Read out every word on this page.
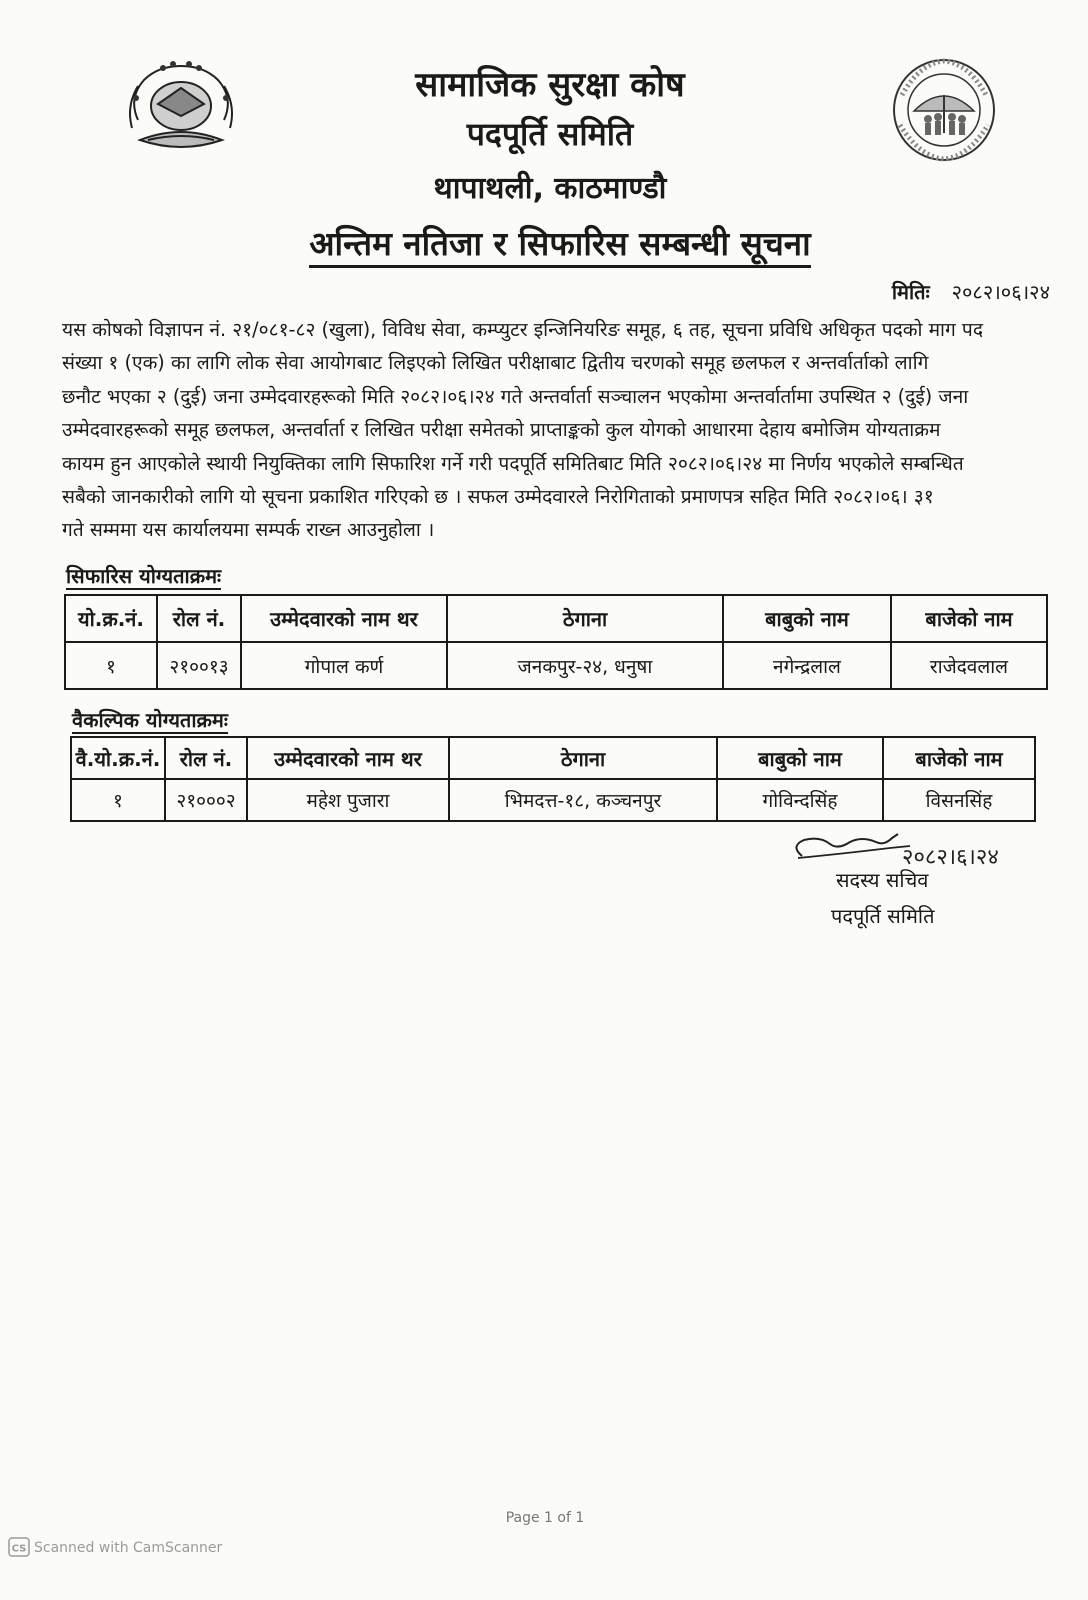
सामाजिक सुरक्षा कोष
पदपूर्ति समिति
थापाथली, काठमाण्डौ
अन्तिम नतिजा र सिफारिस सम्बन्धी सूचना
मितिः २०८२।०६।२४
यस कोषको विज्ञापन नं. २१/०८१-८२ (खुला), विविध सेवा, कम्प्युटर इन्जिनियरिङ समूह, ६ तह, सूचना प्रविधि अधिकृत पदको माग पद
संख्या १ (एक) का लागि लोक सेवा आयोगबाट लिइएको लिखित परीक्षाबाट द्वितीय चरणको समूह छलफल र अन्तर्वार्ताको लागि
छनौट भएका २ (दुई) जना उम्मेदवारहरूको मिति २०८२।०६।२४ गते अन्तर्वार्ता सञ्चालन भएकोमा अन्तर्वार्तामा उपस्थित २ (दुई) जना
उम्मेदवारहरूको समूह छलफल, अन्तर्वार्ता र लिखित परीक्षा समेतको प्राप्ताङ्कको कुल योगको आधारमा देहाय बमोजिम योग्यताक्रम
कायम हुन आएकोले स्थायी नियुक्तिका लागि सिफारिश गर्ने गरी पदपूर्ति समितिबाट मिति २०८२।०६।२४ मा निर्णय भएकोले सम्बन्धित
सबैको जानकारीको लागि यो सूचना प्रकाशित गरिएको छ । सफल उम्मेदवारले निरोगिताको प्रमाणपत्र सहित मिति २०८२।०६। ३१
गते सम्ममा यस कार्यालयमा सम्पर्क राख्न आउनुहोला ।
सिफारिस योग्यताक्रमः
यो.क्र.नं.	रोल नं.	उम्मेदवारको नाम थर	ठेगाना	बाबुको नाम	बाजेको नाम
१	२१००१३	गोपाल कर्ण	जनकपुर-२४, धनुषा	नगेन्द्रलाल	राजेदवलाल
वैकल्पिक योग्यताक्रमः
वै.यो.क्र.नं.	रोल नं.	उम्मेदवारको नाम थर	ठेगाना	बाबुको नाम	बाजेको नाम
१	२१०००२	महेश पुजारा	भिमदत्त-१८, कञ्चनपुर	गोविन्दसिंह	विसनसिंह
२०८२।६।२४
सदस्य सचिव
पदपूर्ति समिति
Page 1 of 1
CS Scanned with CamScanner
